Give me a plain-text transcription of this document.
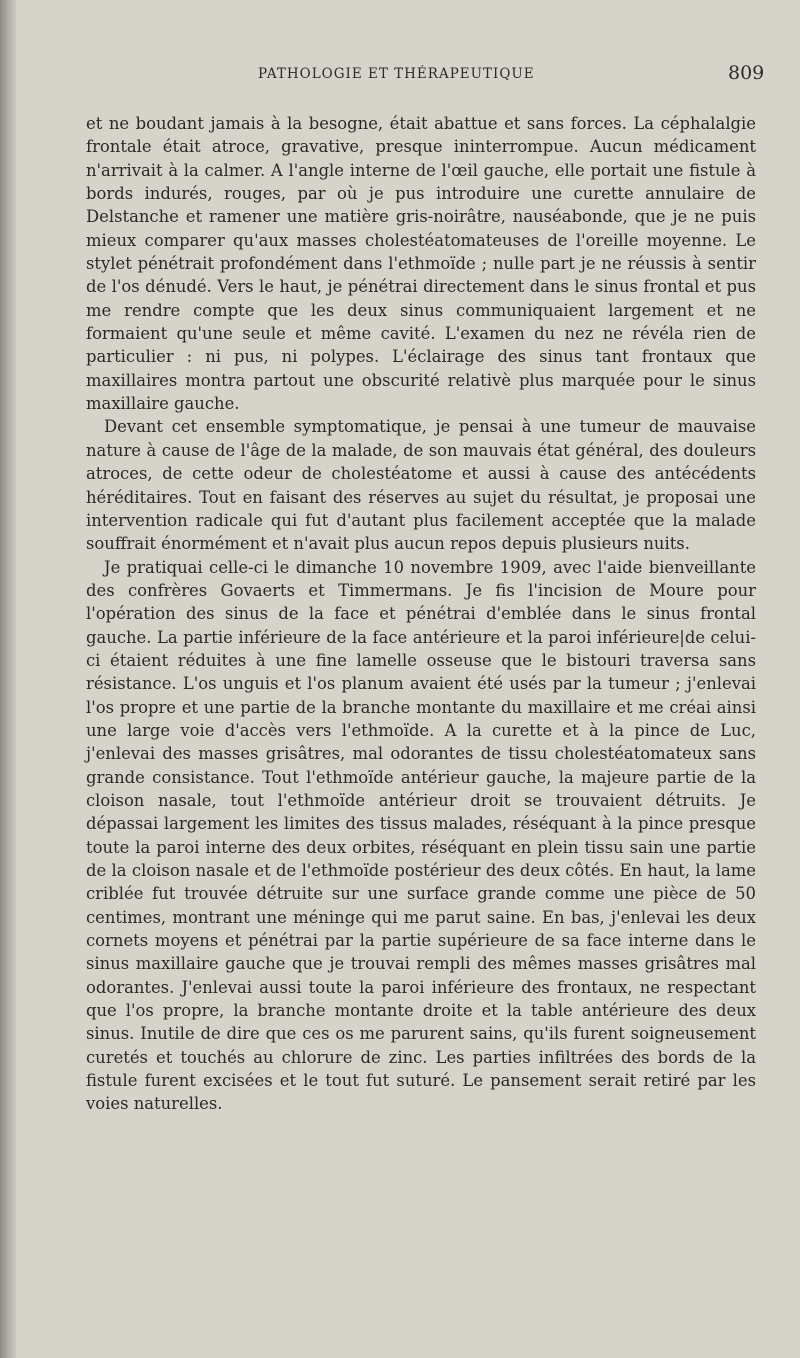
PATHOLOGIE ET THÉRAPEUTIQUE	809

et ne boudant jamais à la besogne, était abattue et sans forces. La céphalalgie frontale était atroce, gravative, presque ininterrompue. Aucun médicament n'arrivait à la calmer. A l'angle interne de l'œil gauche, elle portait une fistule à bords indurés, rouges, par où je pus introduire une curette annulaire de Delstanche et ramener une matière gris-noirâtre, nauséabonde, que je ne puis mieux comparer qu'aux masses cholestéatomateuses de l'oreille moyenne. Le stylet pénétrait profondément dans l'ethmoïde ; nulle part je ne réussis à sentir de l'os dénudé. Vers le haut, je pénétrai directement dans le sinus frontal et pus me rendre compte que les deux sinus communiquaient largement et ne formaient qu'une seule et même cavité. L'examen du nez ne révéla rien de particulier : ni pus, ni polypes. L'éclairage des sinus tant frontaux que maxillaires montra partout une obscurité relativè plus marquée pour le sinus maxillaire gauche.

Devant cet ensemble symptomatique, je pensai à une tumeur de mauvaise nature à cause de l'âge de la malade, de son mauvais état général, des douleurs atroces, de cette odeur de cholestéatome et aussi à cause des antécédents héréditaires. Tout en faisant des réserves au sujet du résultat, je proposai une intervention radicale qui fut d'autant plus facilement acceptée que la malade souffrait énormément et n'avait plus aucun repos depuis plusieurs nuits.

Je pratiquai celle-ci le dimanche 10 novembre 1909, avec l'aide bienveillante des confrères Govaerts et Timmermans. Je fis l'incision de Moure pour l'opération des sinus de la face et pénétrai d'emblée dans le sinus frontal gauche. La partie inférieure de la face antérieure et la paroi inférieure|de celui-ci étaient réduites à une fine lamelle osseuse que le bistouri traversa sans résistance. L'os unguis et l'os planum avaient été usés par la tumeur ; j'enlevai l'os propre et une partie de la branche montante du maxillaire et me créai ainsi une large voie d'accès vers l'ethmoïde. A la curette et à la pince de Luc, j'enlevai des masses grisâtres, mal odorantes de tissu cholestéatomateux sans grande consistance. Tout l'ethmoïde antérieur gauche, la majeure partie de la cloison nasale, tout l'ethmoïde antérieur droit se trouvaient détruits. Je dépassai largement les limites des tissus malades, réséquant à la pince presque toute la paroi interne des deux orbites, réséquant en plein tissu sain une partie de la cloison nasale et de l'ethmoïde postérieur des deux côtés. En haut, la lame criblée fut trouvée détruite sur une surface grande comme une pièce de 50 centimes, montrant une méninge qui me parut saine. En bas, j'enlevai les deux cornets moyens et pénétrai par la partie supérieure de sa face interne dans le sinus maxillaire gauche que je trouvai rempli des mêmes masses grisâtres mal odorantes. J'enlevai aussi toute la paroi inférieure des frontaux, ne respectant que l'os propre, la branche montante droite et la table antérieure des deux sinus. Inutile de dire que ces os me parurent sains, qu'ils furent soigneusement curetés et touchés au chlorure de zinc. Les parties infiltrées des bords de la fistule furent excisées et le tout fut suturé. Le pansement serait retiré par les voies naturelles.
